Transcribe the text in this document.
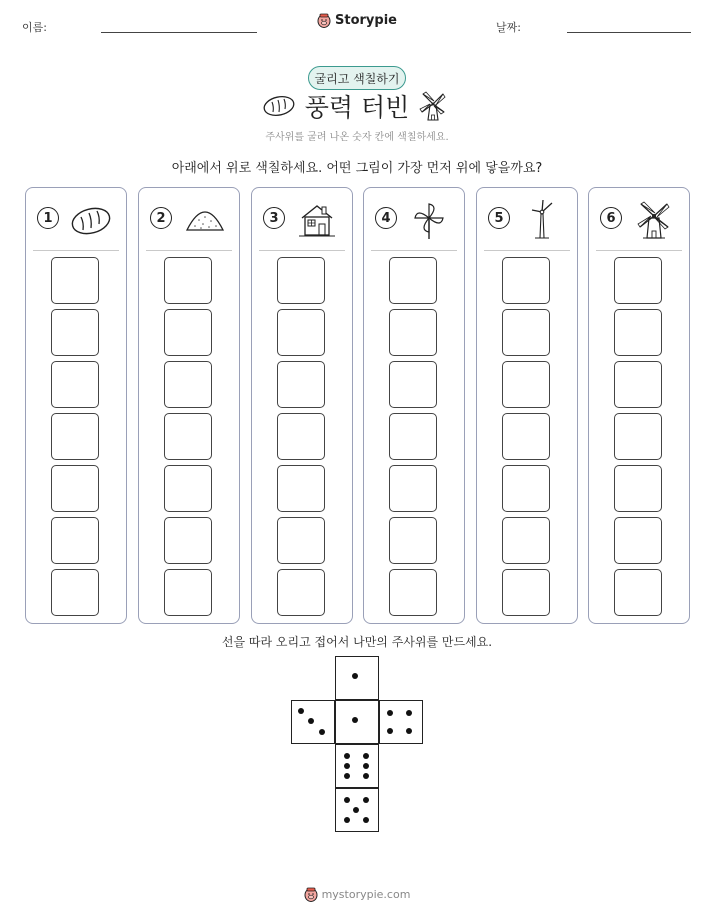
이름:	날짜:
Storypie
굴리고 색칠하기
풍력 터빈
주사위를 굴려 나온 숫자 칸에 색칠하세요.
아래에서 위로 색칠하세요. 어떤 그림이 가장 먼저 위에 닿을까요?
1	2	3	4	5	6
선을 따라 오리고 접어서 나만의 주사위를 만드세요.
mystorypie.com
